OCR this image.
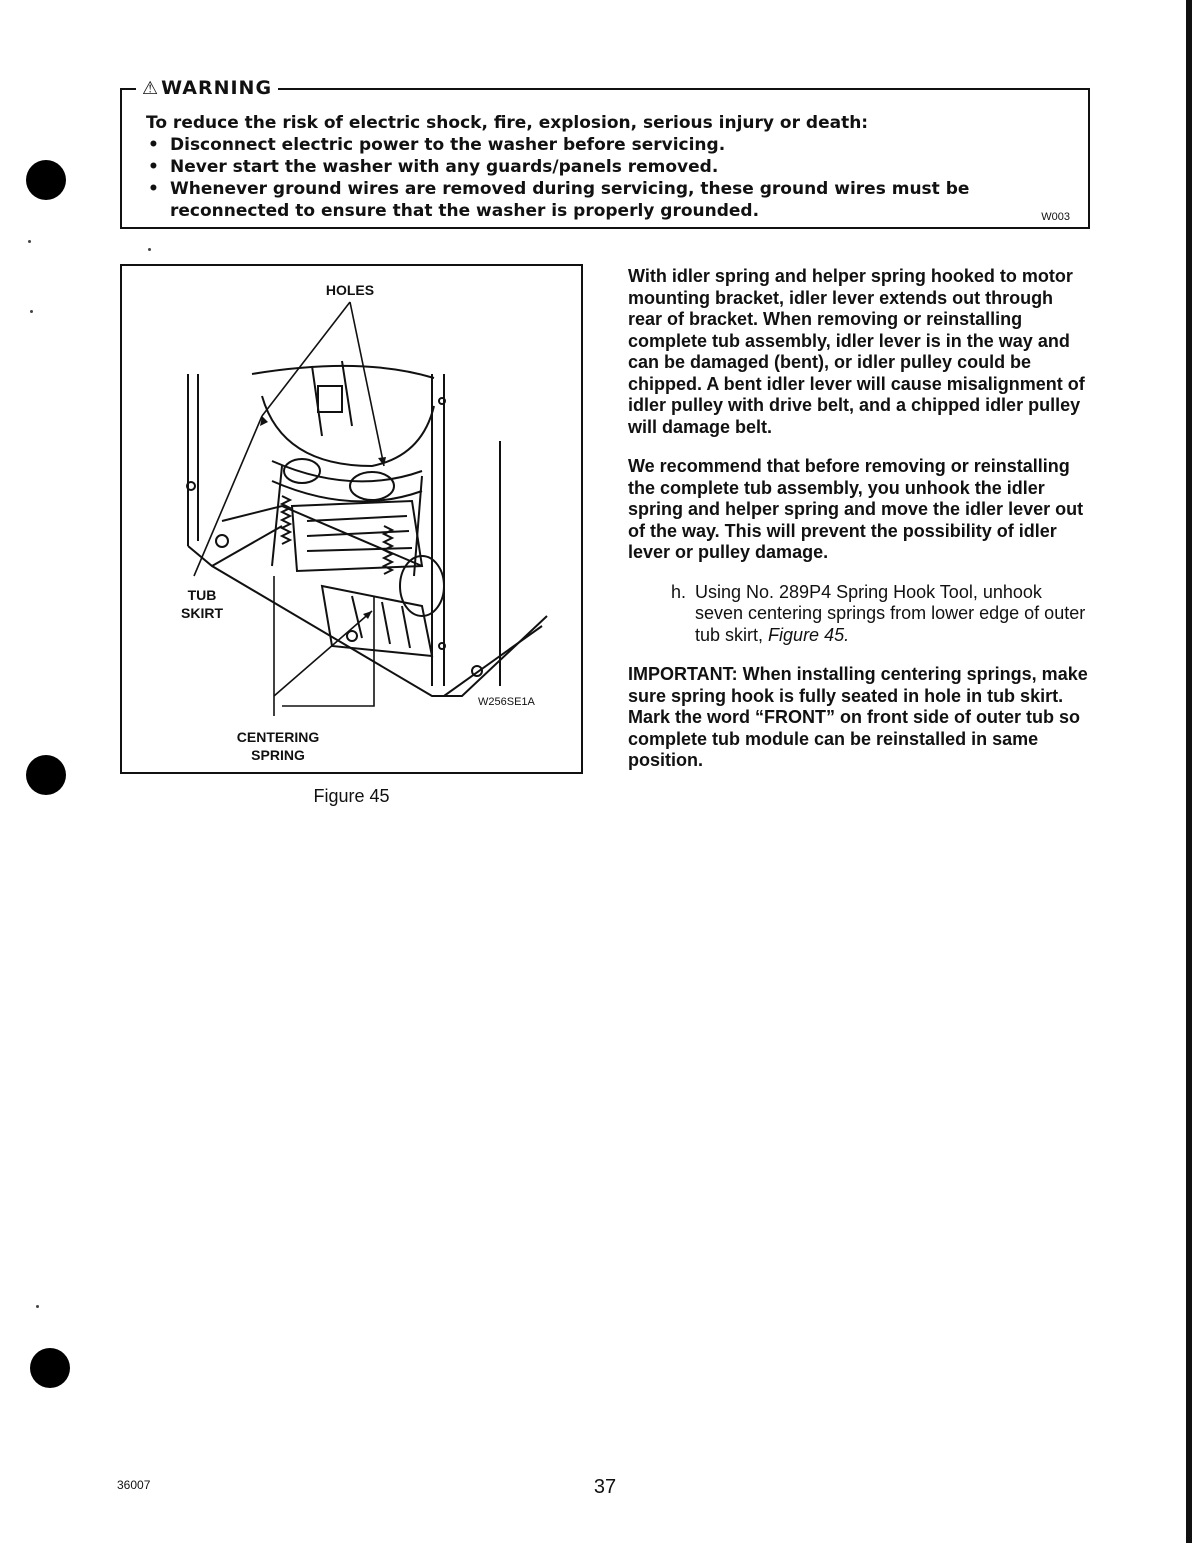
⚠ WARNING
To reduce the risk of electric shock, fire, explosion, serious injury or death:
• Disconnect electric power to the washer before servicing.
• Never start the washer with any guards/panels removed.
• Whenever ground wires are removed during servicing, these ground wires must be reconnected to ensure that the washer is properly grounded.	W003
HOLES
TUB
SKIRT
CENTERING
SPRING
W256SE1A
Figure 45

With idler spring and helper spring hooked to motor mounting bracket, idler lever extends out through rear of bracket. When removing or reinstalling complete tub assembly, idler lever is in the way and can be damaged (bent), or idler pulley could be chipped. A bent idler lever will cause misalignment of idler pulley with drive belt, and a chipped idler pulley will damage belt.

We recommend that before removing or reinstalling the complete tub assembly, you unhook the idler spring and helper spring and move the idler lever out of the way. This will prevent the possibility of idler lever or pulley damage.

h. Using No. 289P4 Spring Hook Tool, unhook seven centering springs from lower edge of outer tub skirt, Figure 45.

IMPORTANT: When installing centering springs, make sure spring hook is fully seated in hole in tub skirt. Mark the word “FRONT” on front side of outer tub so complete tub module can be reinstalled in same position.

36007	37
